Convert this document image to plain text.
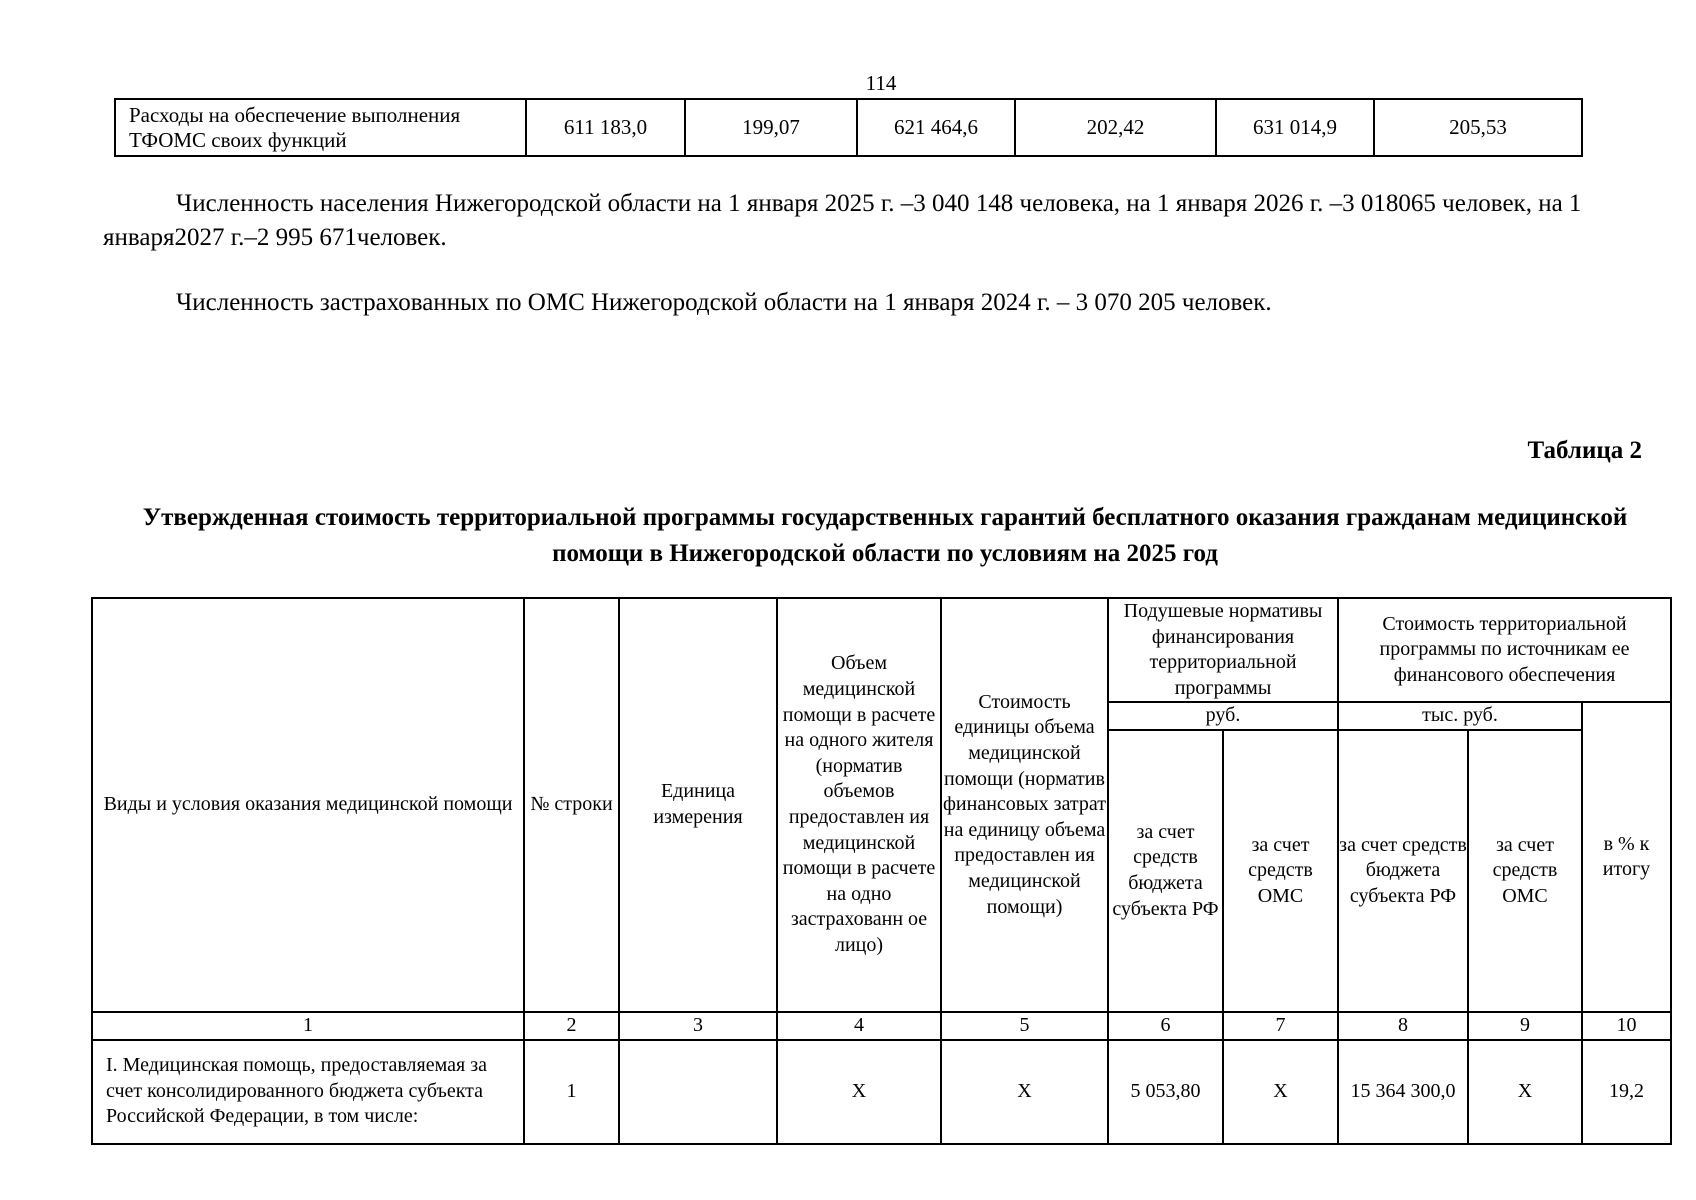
114
Расходы на обеспечение выполнения ТФОМС своих функций	611 183,0	199,07	621 464,6	202,42	631 014,9	205,53

Численность населения Нижегородской области на 1 января 2025 г. –3 040 148 человека, на 1 января 2026 г. –3 018065 человек, на 1 января2027 г.–2 995 671человек.

Численность застрахованных по ОМС Нижегородской области на 1 января 2024 г. – 3 070 205 человек.

Таблица 2
Утвержденная стоимость территориальной программы государственных гарантий бесплатного оказания гражданам медицинской помощи в Нижегородской области по условиям на 2025 год
Виды и условия оказания медицинской помощи	№ строки	Единица измерения	Объем медицинской помощи в расчете на одного жителя (норматив объемов предоставлен ия медицинской помощи в расчете на одно застрахованн ое лицо)	Стоимость единицы объема медицинской помощи (норматив финансовых затрат на единицу объема предоставлен ия медицинской помощи)	Подушевые нормативы финансирования территориальной программы		Стоимость территориальной программы по источникам ее финансового обеспечения		
					руб.		тыс. руб.		в % к итогу
					за счет средств бюджета субъекта РФ	за счет средств ОМС	за счет средств бюджета субъекта РФ	за счет средств ОМС	
1	2	3	4	5	6	7	8	9	10
I. Медицинская помощь, предоставляемая за счет консолидированного бюджета субъекта Российской Федерации, в том числе:	1		Х	Х	5 053,80	Х	15 364 300,0	Х	19,2
